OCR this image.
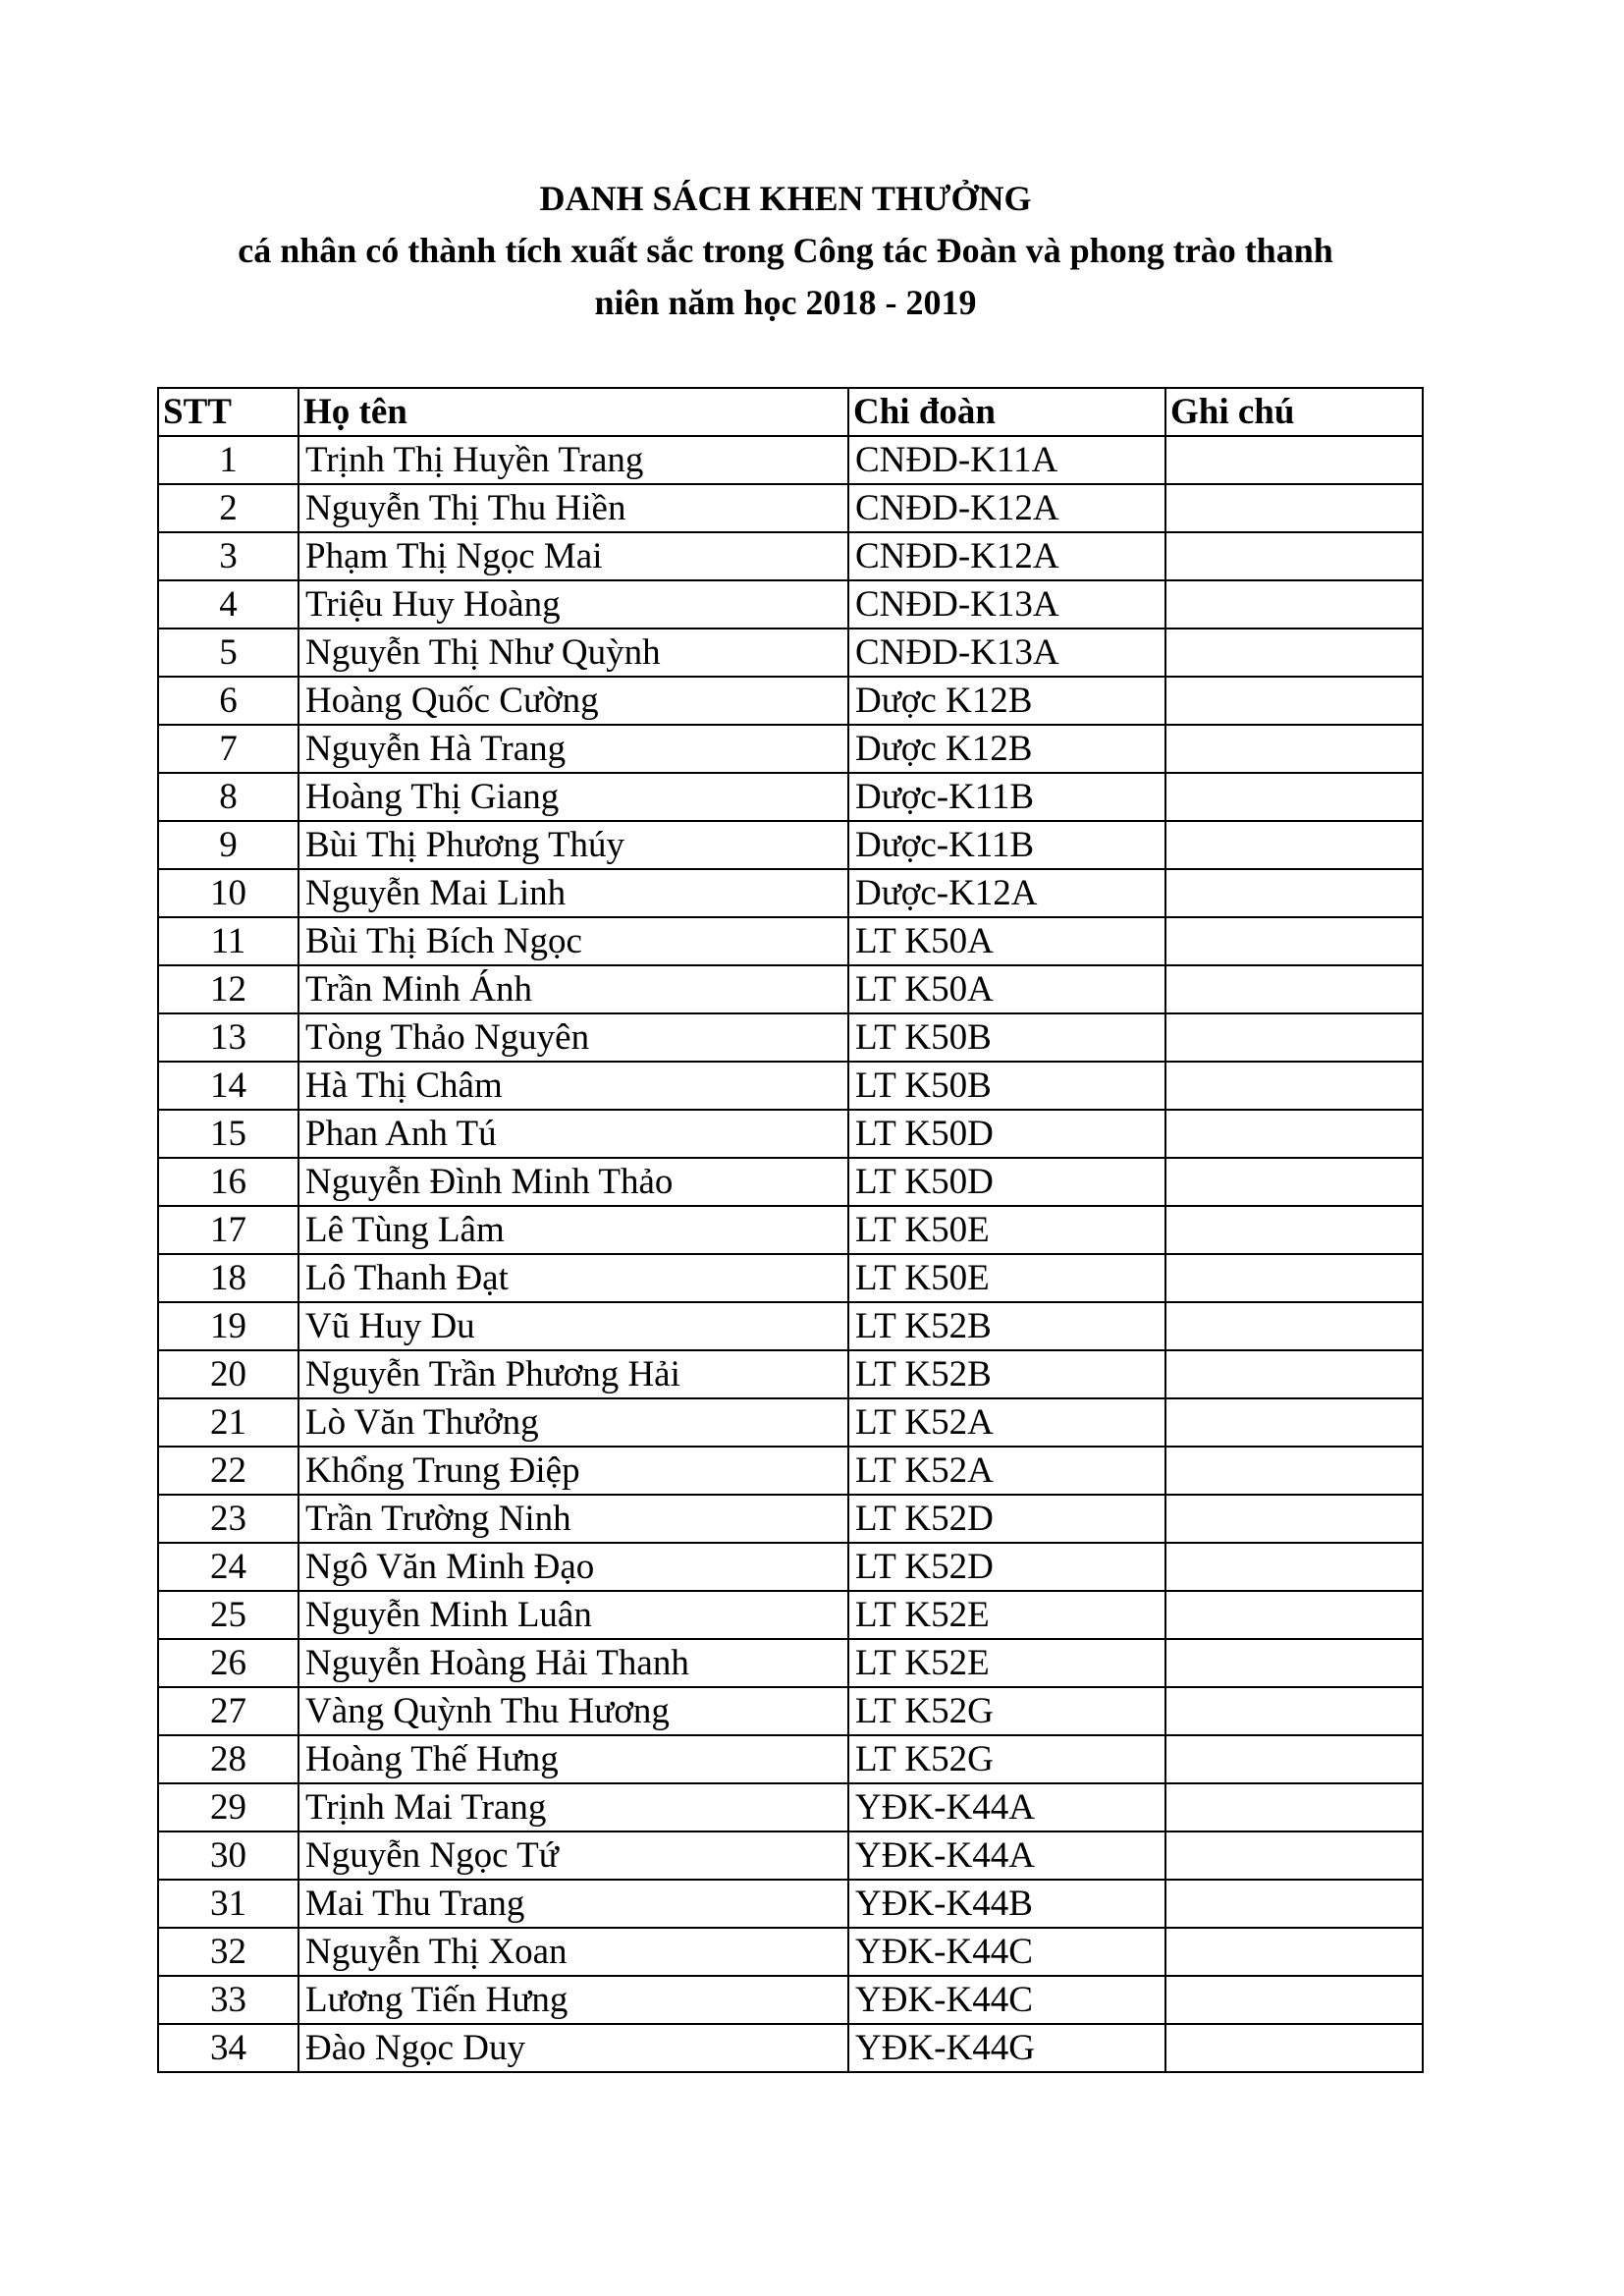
DANH SÁCH KHEN THƯỞNG
cá nhân có thành tích xuất sắc trong Công tác Đoàn và phong trào thanh
niên năm học 2018 - 2019
STT	Họ tên	Chi đoàn	Ghi chú
1	Trịnh Thị Huyền Trang	CNĐD-K11A	
2	Nguyễn Thị Thu Hiền	CNĐD-K12A	
3	Phạm Thị Ngọc Mai	CNĐD-K12A	
4	Triệu Huy Hoàng	CNĐD-K13A	
5	Nguyễn Thị Như Quỳnh	CNĐD-K13A	
6	Hoàng Quốc Cường	Dược K12B	
7	Nguyễn Hà Trang	Dược K12B	
8	Hoàng Thị Giang	Dược-K11B	
9	Bùi Thị Phương Thúy	Dược-K11B	
10	Nguyễn Mai Linh	Dược-K12A	
11	Bùi Thị Bích Ngọc	LT K50A	
12	Trần Minh Ánh	LT K50A	
13	Tòng Thảo Nguyên	LT K50B	
14	Hà Thị Châm	LT K50B	
15	Phan Anh Tú	LT K50D	
16	Nguyễn Đình Minh Thảo	LT K50D	
17	Lê Tùng Lâm	LT K50E	
18	Lô Thanh Đạt	LT K50E	
19	Vũ Huy Du	LT K52B	
20	Nguyễn Trần Phương Hải	LT K52B	
21	Lò Văn Thưởng	LT K52A	
22	Khổng Trung Điệp	LT K52A	
23	Trần Trường Ninh	LT K52D	
24	Ngô Văn Minh Đạo	LT K52D	
25	Nguyễn Minh Luân	LT K52E	
26	Nguyễn Hoàng Hải Thanh	LT K52E	
27	Vàng Quỳnh Thu Hương	LT K52G	
28	Hoàng Thế Hưng	LT K52G	
29	Trịnh Mai Trang	YĐK-K44A	
30	Nguyễn Ngọc Tứ	YĐK-K44A	
31	Mai Thu Trang	YĐK-K44B	
32	Nguyễn Thị Xoan	YĐK-K44C	
33	Lương Tiến Hưng	YĐK-K44C	
34	Đào Ngọc Duy	YĐK-K44G	
